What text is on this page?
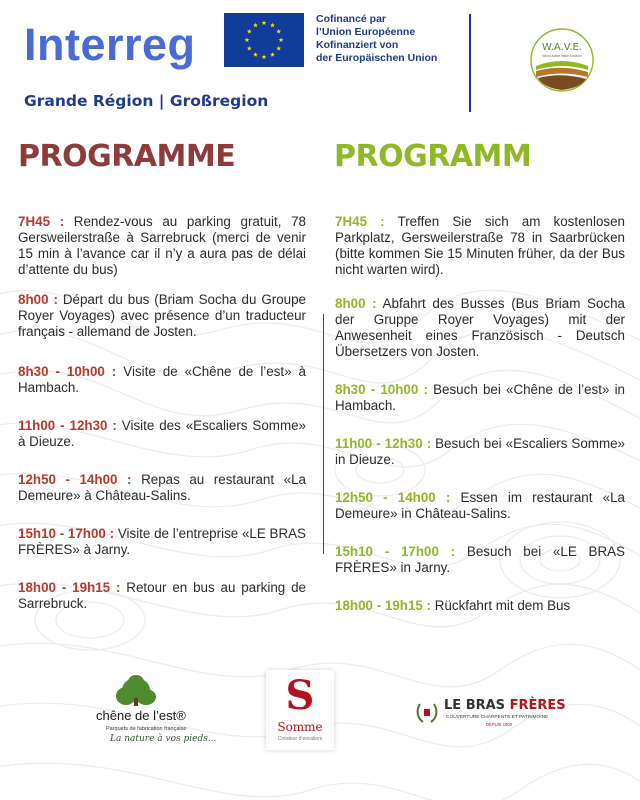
Interreg
Grande Région | Großregion
Cofinancé par
l’Union Européenne
Kofinanziert von
der Europäischen Union
W.A.V.E.
Wood Active Value Emotion
PROGRAMME	PROGRAMM
7H45 : Rendez-vous au parking gratuit, 78 Gersweilerstraße à Sarrebruck (merci de venir 15 min à l’avance car il n’y a aura pas de délai d’attente du bus)
8h00 : Départ du bus (Briam Socha du Groupe Royer Voyages) avec présence d’un traducteur français - allemand de Josten.
8h30 - 10h00 : Visite de «Chêne de l’est» à Hambach.
11h00 - 12h30 : Visite des «Escaliers Somme» à Dieuze.
12h50 - 14h00 : Repas au restaurant «La Demeure» à Château-Salins.
15h10 - 17h00 : Visite de l’entreprise «LE BRAS FRÈRES» à Jarny.
18h00 - 19h15 : Retour en bus au parking de Sarrebruck.
7H45 : Treffen Sie sich am kostenlosen Parkplatz, Gersweilerstraße 78 in Saarbrücken (bitte kommen Sie 15 Minuten früher, da der Bus nicht warten wird).
8h00 : Abfahrt des Busses (Bus Briam Socha der Gruppe Royer Voyages) mit der Anwesenheit eines Französisch - Deutsch Übersetzers von Josten.
8h30 - 10h00 : Besuch bei «Chêne de l’est» in Hambach.
11h00 - 12h30 : Besuch bei «Escaliers Somme» in Dieuze.
12h50 - 14h00 : Essen im restaurant «La Demeure» in Château-Salins.
15h10 - 17h00 : Besuch bei «LE BRAS FRÈRES» in Jarny.
18h00 - 19h15 : Rückfahrt mit dem Bus
chêne de l’est®
Parquets de fabrication française
La nature à vos pieds...
S
Somme
Créateur d’escaliers
LE BRAS FRÈRES
COUVERTURE CHARPENTE ET PATRIMOINE
DEPUIS 1900
